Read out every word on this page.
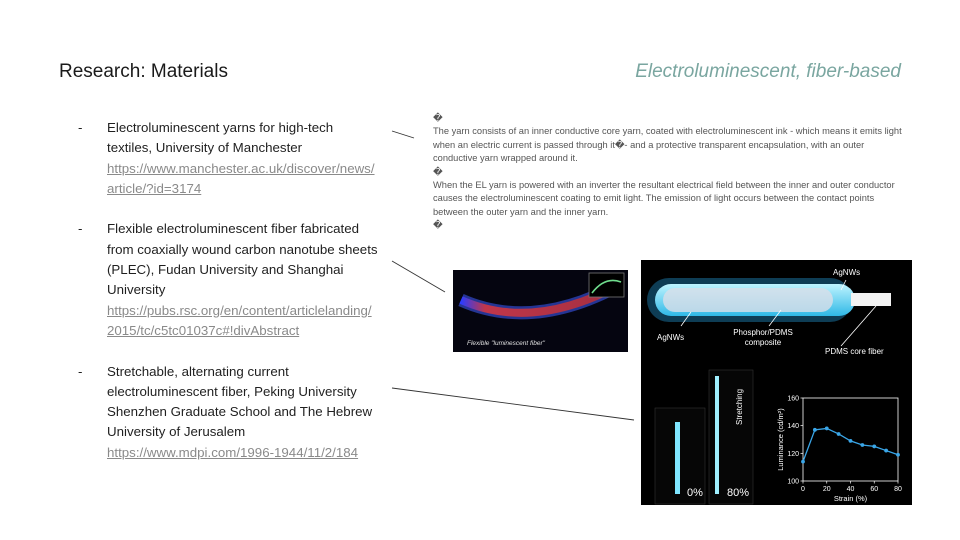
Research: Materials	Electroluminescent, fiber-based
- Electroluminescent yarns for high-tech textiles, University of Manchester
https://www.manchester.ac.uk/discover/news/article/?id=3174
- Flexible electroluminescent fiber fabricated from coaxially wound carbon nanotube sheets (PLEC), Fudan University and Shanghai University
https://pubs.rsc.org/en/content/articlelanding/2015/tc/c5tc01037c#!divAbstract
- Stretchable, alternating current electroluminescent fiber, Peking University Shenzhen Graduate School and The Hebrew University of Jerusalem
https://www.mdpi.com/1996-1944/11/2/184

�

The yarn consists of an inner conductive core yarn, coated with electroluminescent ink - which means it emits light when an electric current is passed through it�- and a protective transparent encapsulation, with an outer conductive yarn wrapped around it.

�

When the EL yarn is powered with an inverter the resultant electrical field between the inner and outer conductor causes the electroluminescent coating to emit light. The emission of light occurs between the contact points between the outer yarn and the inner yarn.

�

Flexible "luminescent fiber"
AgNWs
AgNWs
Phosphor/PDMS
composite
PDMS core fiber
Stretching
0% 80%	0	20 40 60 80
100
120
140
160
Strain (%)
Luminance (cd/m²)
